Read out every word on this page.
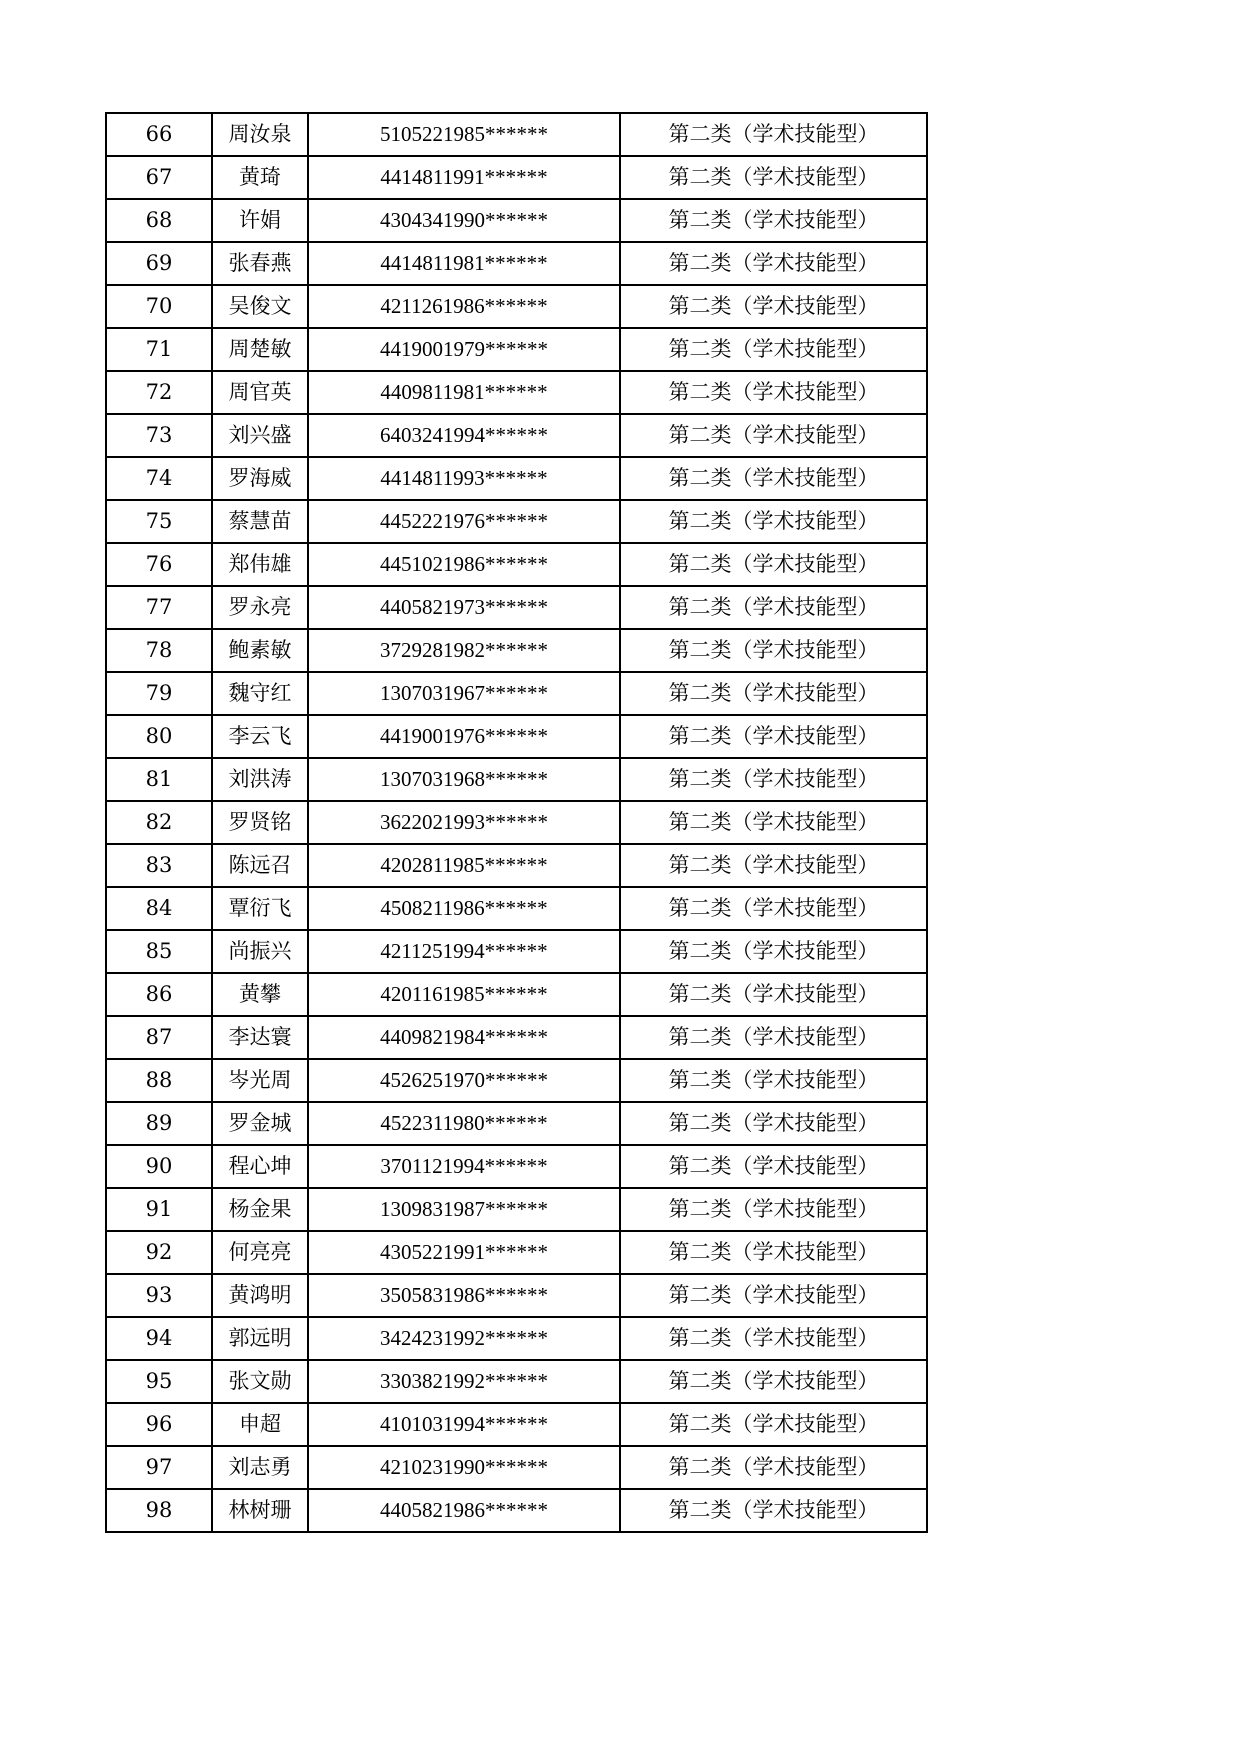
66	周汝泉	5105221985******	第二类（学术技能型）
67	黄琦	4414811991******	第二类（学术技能型）
68	许娟	4304341990******	第二类（学术技能型）
69	张春燕	4414811981******	第二类（学术技能型）
70	吴俊文	4211261986******	第二类（学术技能型）
71	周楚敏	4419001979******	第二类（学术技能型）
72	周官英	4409811981******	第二类（学术技能型）
73	刘兴盛	6403241994******	第二类（学术技能型）
74	罗海威	4414811993******	第二类（学术技能型）
75	蔡慧苗	4452221976******	第二类（学术技能型）
76	郑伟雄	4451021986******	第二类（学术技能型）
77	罗永亮	4405821973******	第二类（学术技能型）
78	鲍素敏	3729281982******	第二类（学术技能型）
79	魏守红	1307031967******	第二类（学术技能型）
80	李云飞	4419001976******	第二类（学术技能型）
81	刘洪涛	1307031968******	第二类（学术技能型）
82	罗贤铭	3622021993******	第二类（学术技能型）
83	陈远召	4202811985******	第二类（学术技能型）
84	覃衍飞	4508211986******	第二类（学术技能型）
85	尚振兴	4211251994******	第二类（学术技能型）
86	黄攀	4201161985******	第二类（学术技能型）
87	李达寰	4409821984******	第二类（学术技能型）
88	岑光周	4526251970******	第二类（学术技能型）
89	罗金城	4522311980******	第二类（学术技能型）
90	程心坤	3701121994******	第二类（学术技能型）
91	杨金果	1309831987******	第二类（学术技能型）
92	何亮亮	4305221991******	第二类（学术技能型）
93	黄鸿明	3505831986******	第二类（学术技能型）
94	郭远明	3424231992******	第二类（学术技能型）
95	张文勋	3303821992******	第二类（学术技能型）
96	申超	4101031994******	第二类（学术技能型）
97	刘志勇	4210231990******	第二类（学术技能型）
98	林树珊	4405821986******	第二类（学术技能型）
